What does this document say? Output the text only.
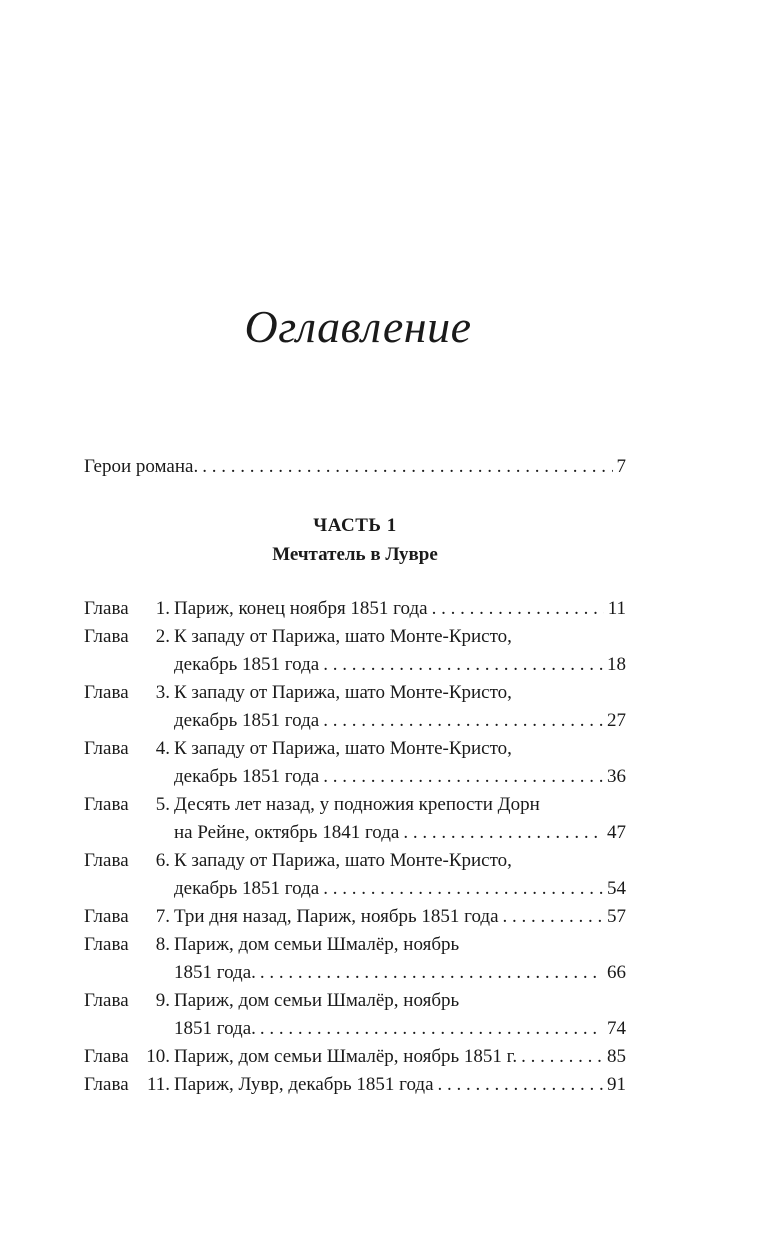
Оглавление
Герои романа. . . .	7
ЧАСТЬ 1
Мечтатель в Лувре
Глава	1. Париж, конец ноября 1851 года . . .	11
Глава	2. К западу от Парижа, шато Монте-Кристо,
декабрь 1851 года . . .	18
Глава	3. К западу от Парижа, шато Монте-Кристо,
декабрь 1851 года . . .	27
Глава	4. К западу от Парижа, шато Монте-Кристо,
декабрь 1851 года . . .	36
Глава	5. Десять лет назад, у подножия крепости Дорн
на Рейне, октябрь 1841 года . . .	47
Глава	6. К западу от Парижа, шато Монте-Кристо,
декабрь 1851 года . . .	54
Глава	7. Три дня назад, Париж, ноябрь 1851 года . . .	57
Глава	8. Париж, дом семьи Шмалёр, ноябрь
1851 года. . . .	66
Глава	9. Париж, дом семьи Шмалёр, ноябрь
1851 года. . . .	74
Глава 10. Париж, дом семьи Шмалёр, ноябрь 1851 г. . . .	85
Глава 11. Париж, Лувр, декабрь 1851 года . . .	91
